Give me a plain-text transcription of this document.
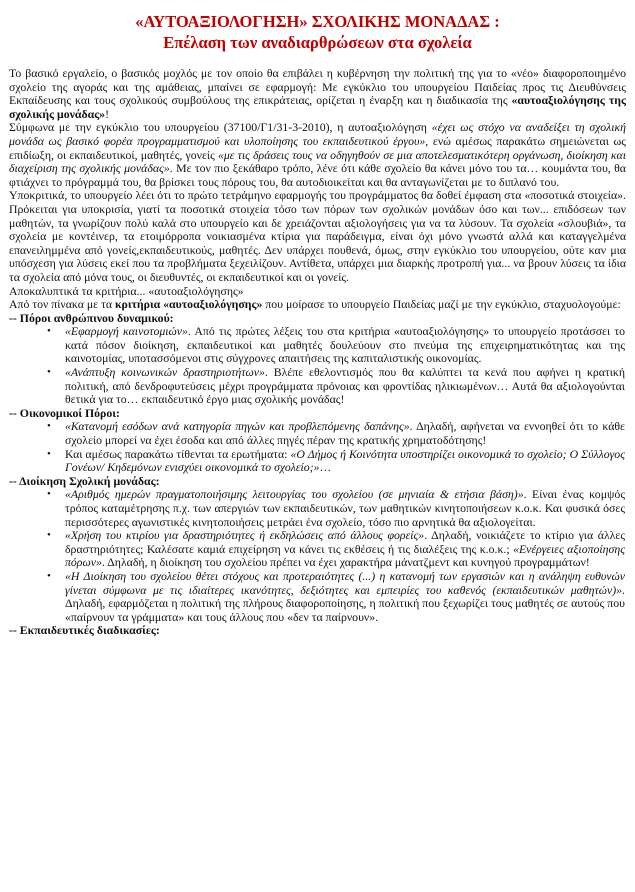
«ΑΥΤΟΑΞΙΟΛΟΓΗΣΗ» ΣΧΟΛΙΚΗΣ ΜΟΝΑΔΑΣ :
Επέλαση των αναδιαρθρώσεων στα σχολεία

Το βασικό εργαλείο, ο βασικός μοχλός με τον οποίο θα επιβάλει η κυβέρνηση την πολιτική της για το «νέο» διαφοροποιημένο σχολείο της αγοράς και της αμάθειας, μπαίνει σε εφαρμογή: Με εγκύκλιο του υπουργείου Παιδείας προς τις Διευθύνσεις Εκπαίδευσης και τους σχολικούς συμβούλους της επικράτειας, ορίζεται η έναρξη και η διαδικασία της «αυτοαξιολόγησης της σχολικής μονάδας»!

Σύμφωνα με την εγκύκλιο του υπουργείου (37100/Γ1/31-3-2010), η αυτοαξιολόγηση «έχει ως στόχο να αναδείξει τη σχολική μονάδα ως βασικό φορέα προγραμματισμού και υλοποίησης του εκπαιδευτικού έργου», ενώ αμέσως παρακάτω σημειώνεται ως επιδίωξη, οι εκπαιδευτικοί, μαθητές, γονείς «με τις δράσεις τους να οδηγηθούν σε μια αποτελεσματικότερη οργάνωση, διοίκηση και διαχείριση της σχολικής μονάδας». Με τον πιο ξεκάθαρο τρόπο, λένε ότι κάθε σχολείο θα κάνει μόνο του τα… κουμάντα του, θα φτιάχνει το πρόγραμμά του, θα βρίσκει τους πόρους του, θα αυτοδιοικείται και θα ανταγωνίζεται με το διπλανό του.

Υποκριτικά, το υπουργείο λέει ότι το πρώτο τετράμηνο εφαρμογής του προγράμματος θα δοθεί έμφαση στα «ποσοτικά στοιχεία». Πρόκειται για υποκρισία, γιατί τα ποσοτικά στοιχεία τόσο των πόρων των σχολικών μονάδων όσο και των... επιδόσεων των μαθητών, τα γνωρίζουν πολύ καλά στο υπουργείο και δε χρειάζονται αξιολογήσεις για να τα λύσουν. Τα σχολεία «σλουβιά», τα σχολεία με κοντέινερ, τα ετοιμόρροπα νοικιασμένα κτίρια για παράδειγμα, είναι όχι μόνο γνωστά αλλά και καταγγελμένα επανειλημμένα από γονείς,εκπαιδευτικούς, μαθητές. Δεν υπάρχει πουθενά, όμως, στην εγκύκλιο του υπουργείου, ούτε καν μια υπόσχεση για λύσεις εκεί που τα προβλήματα ξεχειλίζουν. Αντίθετα, υπάρχει μια διαρκής προτροπή για... να βρουν λύσεις τα ίδια τα σχολεία από μόνα τους, οι διευθυντές, οι εκπαιδευτικοί και οι γονείς.

Αποκαλυπτικά τα κριτήρια... «αυτοαξιολόγησης»

Από τον πίνακα με τα κριτήρια «αυτοαξιολόγησης» που μοίρασε το υπουργείο Παιδείας μαζί με την εγκύκλιο, σταχυολογούμε:

-- Πόροι ανθρώπινου δυναμικού:
• «Εφαρμογή καινοτομιών». Από τις πρώτες λέξεις του στα κριτήρια «αυτοαξιολόγησης» το υπουργείο προτάσσει το κατά πόσον διοίκηση, εκπαιδευτικοί και μαθητές δουλεύουν στο πνεύμα της επιχειρηματικότητας και της καινοτομίας, υποτασσόμενοι στις σύγχρονες απαιτήσεις της καπιταλιστικής οικονομίας.
• «Ανάπτυξη κοινωνικών δραστηριοτήτων». Βλέπε εθελοντισμός που θα καλύπτει τα κενά που αφήνει η κρατική πολιτική, από δενδροφυτεύσεις μέχρι προγράμματα πρόνοιας και φροντίδας ηλικιωμένων… Αυτά θα αξιολογούνται θετικά για το… εκπαιδευτικό έργο μιας σχολικής μονάδας!
-- Οικονομικοί Πόροι:
• «Κατανομή εσόδων ανά κατηγορία πηγών και προβλεπόμενης δαπάνης». Δηλαδή, αφήνεται να εννοηθεί ότι το κάθε σχολείο μπορεί να έχει έσοδα και από άλλες πηγές πέραν της κρατικής χρηματοδότησης!
• Και αμέσως παρακάτω τίθενται τα ερωτήματα: «Ο Δήμος ή Κοινότητα υποστηρίζει οικονομικά το σχολείο; Ο Σύλλογος Γονέων/ Κηδεμόνων ενισχύει οικονομικά το σχολείο;»…
-- Διοίκηση Σχολική μονάδας:
• «Αριθμός ημερών πραγματοποιήσιμης λειτουργίας του σχολείου (σε μηνιαία & ετήσια βάση)». Είναι ένας κομψός τρόπος καταμέτρησης π.χ. των απεργιών των εκπαιδευτικών, των μαθητικών κινητοποιήσεων κ.ο.κ. Και φυσικά όσες περισσότερες αγωνιστικές κινητοποιήσεις μετράει ένα σχολείο, τόσο πιο αρνητικά θα αξιολογείται.
• «Χρήση του κτιρίου για δραστηριότητες ή εκδηλώσεις από άλλους φορείς». Δηλαδή, νοικιάζετε το κτίριο για άλλες δραστηριότητες; Καλέσατε καμιά επιχείρηση να κάνει τις εκθέσεις ή τις διαλέξεις της κ.ο.κ.; «Ενέργειες αξιοποίησης πόρων». Δηλαδή, η διοίκηση του σχολείου πρέπει να έχει χαρακτήρα μάνατζμεντ και κυνηγού προγραμμάτων!
• «Η Διοίκηση του σχολείου θέτει στόχους και προτεραιότητες (...) η κατανομή των εργασιών και η ανάληψη ευθυνών γίνεται σύμφωνα με τις ιδιαίτερες ικανότητες, δεξιότητες και εμπειρίες του καθενός (εκπαιδευτικών μαθητών)». Δηλαδή, εφαρμόζεται η πολιτική της πλήρους διαφοροποίησης, η πολιτική που ξεχωρίζει τους μαθητές σε αυτούς που «παίρνουν τα γράμματα» και τους άλλους που «δεν τα παίρνουν».
-- Εκπαιδευτικές διαδικασίες:
